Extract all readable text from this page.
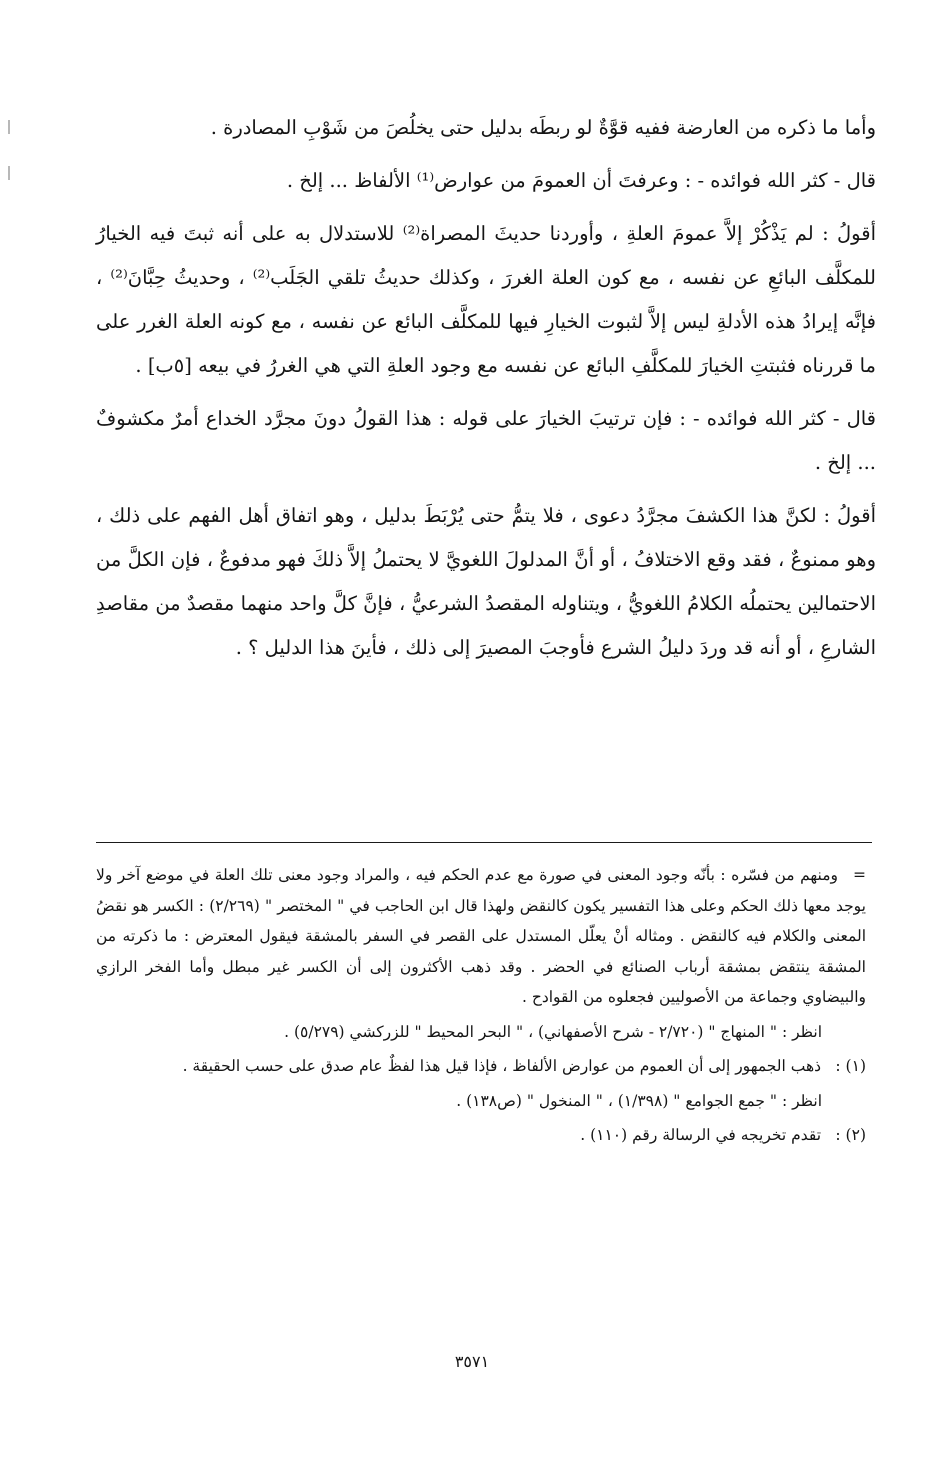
وأما ما ذكره من العارضة ففيه قوَّةٌ لو ربطَه بدليل حتى يخلُصَ من شَوْبِ المصادرة .

قال - كثر الله فوائده - : وعرفتَ أن العمومَ من عوارض⁽¹⁾ الألفاظ ... إلخ .

أقولُ : لم يَذْكُرْ إلاَّ عمومَ العلةِ ، وأوردنا حديثَ المصراة⁽²⁾ للاستدلال به على أنه ثبتَ فيه الخيارُ للمكلَّف البائعِ عن نفسه ، مع كون العلة الغررَ ، وكذلك حديثُ تلقي الجَلَب⁽²⁾ ، وحديثُ حِبَّانَ⁽²⁾ ، فإنَّه إيرادُ هذه الأدلةِ ليس إلاَّ لثبوت الخيارِ فيها للمكلَّف البائع عن نفسه ، مع كونه العلة الغرر على ما قررناه فثبتتِ الخيارَ للمكلَّفِ البائع عن نفسه مع وجود العلةِ التي هي الغررُ في بيعه [٥ب] .

قال - كثر الله فوائده - : فإن ترتيبَ الخيارَ على قوله : هذا القولُ دونَ مجرَّد الخداع أمرٌ مكشوفٌ ... إلخ .

أقولُ : لكنَّ هذا الكشفَ مجرَّدُ دعوى ، فلا يتمُّ حتى يُرْبَطَ بدليل ، وهو اتفاق أهل الفهم على ذلك ، وهو ممنوعٌ ، فقد وقع الاختلافُ ، أو أنَّ المدلولَ اللغويَّ لا يحتملُ إلاَّ ذلكَ فهو مدفوعٌ ، فإن الكلَّ من الاحتمالين يحتملُه الكلامُ اللغويُّ ، ويتناوله المقصدُ الشرعيُّ ، فإنَّ كلَّ واحد منهما مقصدٌ من مقاصدِ الشارعِ ، أو أنه قد وردَ دليلُ الشرع فأوجبَ المصيرَ إلى ذلك ، فأينَ هذا الدليل ؟ .

=ومنهم من فسّره : بأنّه وجود المعنى في صورة مع عدم الحكم فيه ، والمراد وجود معنى تلك العلة في موضع آخر ولا يوجد معها ذلك الحكم وعلى هذا التفسير يكون كالنقض ولهذا قال ابن الحاجب في " المختصر " (٢/٢٦٩) : الكسر هو نقضُ المعنى والكلام فيه كالنقض . ومثاله أنْ يعلّل المستدل على القصر في السفر بالمشقة فيقول المعترض : ما ذكرته من المشقة ينتقض بمشقة أرباب الصنائع في الحضر . وقد ذهب الأكثرون إلى أن الكسر غير مبطل وأما الفخر الرازي والبيضاوي وجماعة من الأصوليين فجعلوه من القوادح .

انظر : " المنهاج " (٢/٧٢٠ - شرح الأصفهاني) ، " البحر المحيط " للزركشي (٥/٢٧٩) .

(١) : ذهب الجمهور إلى أن العموم من عوارض الألفاظ ، فإذا قيل هذا لفظٌ عام صدق على حسب الحقيقة .

انظر : " جمع الجوامع " (١/٣٩٨) ، " المنخول " (ص١٣٨) .

(٢) : تقدم تخريجه في الرسالة رقم (١١٠) .

٣٥٧١
